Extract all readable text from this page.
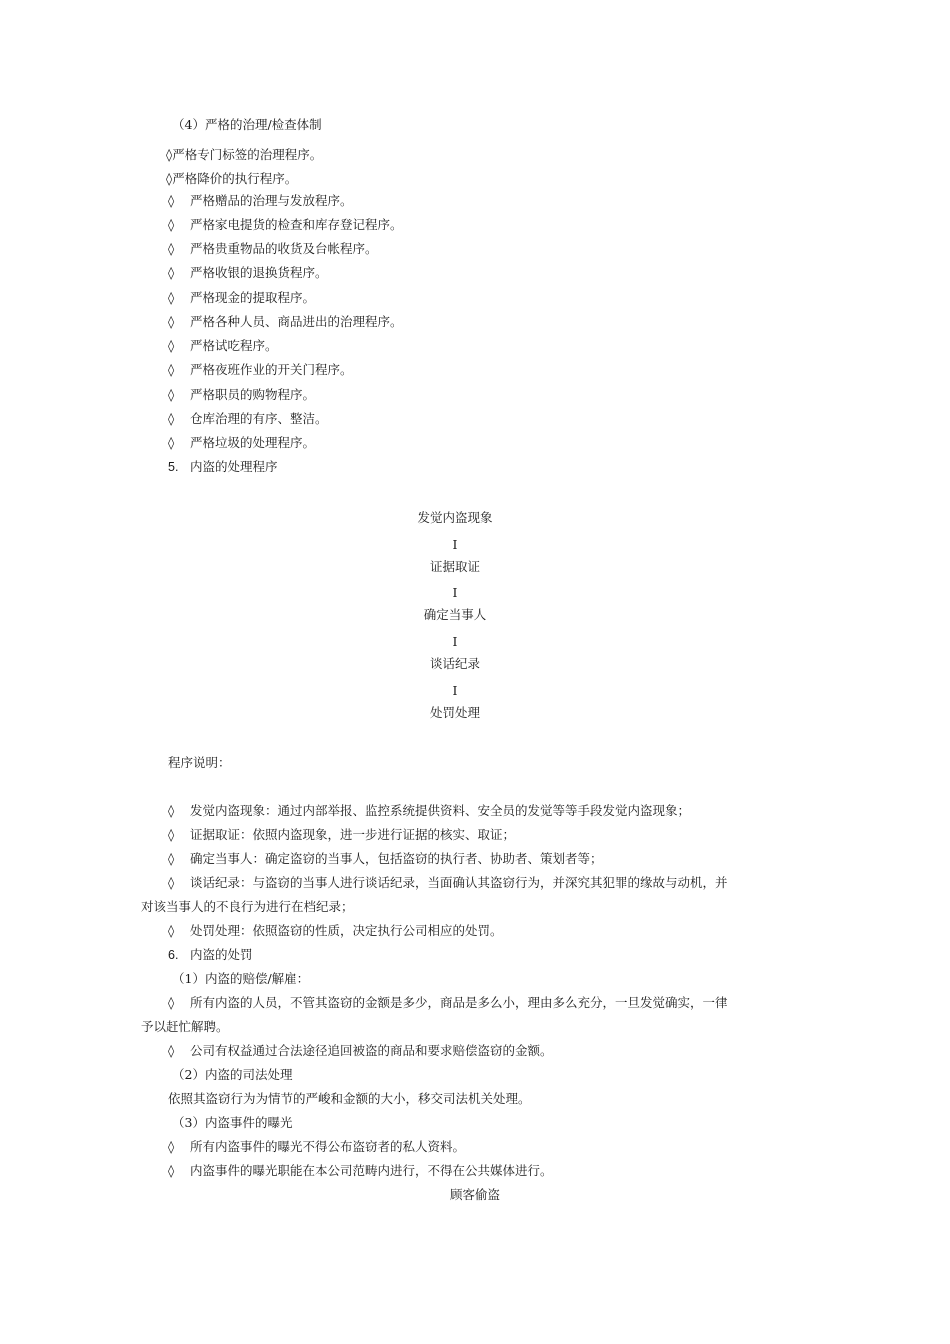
（4）严格的治理/检查体制
◊严格专门标签的治理程序。
◊严格降价的执行程序。
◊ 严格赠品的治理与发放程序。
◊ 严格家电提货的检查和库存登记程序。
◊ 严格贵重物品的收货及台帐程序。
◊ 严格收银的退换货程序。
◊ 严格现金的提取程序。
◊ 严格各种人员、商品进出的治理程序。
◊ 严格试吃程序。
◊ 严格夜班作业的开关门程序。
◊ 严格职员的购物程序。
◊ 仓库治理的有序、整洁。
◊ 严格垃圾的处理程序。
5. 内盗的处理程序
发觉内盗现象
I
证据取证
I
确定当事人
I
谈话纪录
I
处罚处理
程序说明：
◊ 发觉内盗现象：通过内部举报、监控系统提供资料、安全员的发觉等等手段发觉内盗现象；
◊ 证据取证：依照内盗现象，进一步进行证据的核实、取证；
◊ 确定当事人：确定盗窃的当事人，包括盗窃的执行者、协助者、策划者等；
◊ 谈话纪录：与盗窃的当事人进行谈话纪录，当面确认其盗窃行为，并深究其犯罪的缘故与动机，并
对该当事人的不良行为进行在档纪录；
◊ 处罚处理：依照盗窃的性质，决定执行公司相应的处罚。
6. 内盗的处罚
（1）内盗的赔偿/解雇：
◊ 所有内盗的人员，不管其盗窃的金额是多少，商品是多么小，理由多么充分，一旦发觉确实，一律
予以赶忙解聘。
◊ 公司有权益通过合法途径追回被盗的商品和要求赔偿盗窃的金额。
（2）内盗的司法处理
依照其盗窃行为为情节的严峻和金额的大小，移交司法机关处理。
（3）内盗事件的曝光
◊ 所有内盗事件的曝光不得公布盗窃者的私人资料。
◊ 内盗事件的曝光职能在本公司范畴内进行，不得在公共媒体进行。
顾客偷盗
